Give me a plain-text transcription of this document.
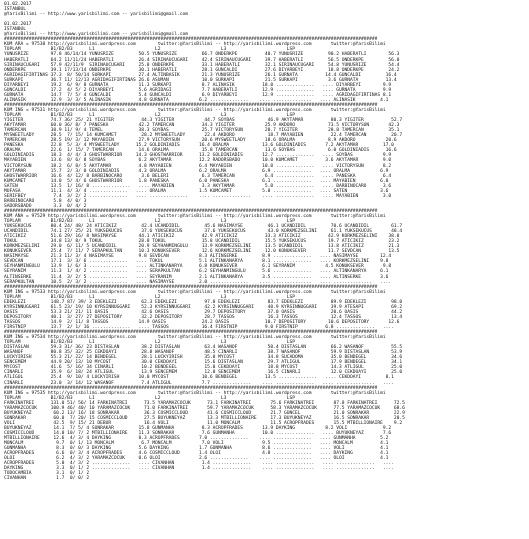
01.02.2017
ISTANBUL
@YarisBilimi -- http://www.yarisbilimi.com -- yarisbilimi@gmail.com
01.02.2017
ISTANBUL
@YarisBilimi -- http://www.yarisbilimi.com -- yarisbilimi@gmail.com
########################################################################################################################################
KUM ARA = 97530 http://yarisbilimi.wordpress.com        twitter:@YarisBilimi -- http://yarisbilimi.wordpress.com       twitter:@YarisBilimi
TOPLAM           B1/B2/B3      L1                      L2                      L3                      LSP
YUNUSRIZE        97.8 46/14/14 YUNUSRIZE         50.5 YUNUSRIZE         66.7 ONDERKPE          40.7 YUNUSRIZE         90.2 HABERATLI        56.3
HABERATLI        64.2 11/11/24 HABERATLI         26.4 SIRINAUCUGARI     42.4 SIRINAUCUGARI     39.7 HABERATLI         56.5 ONDERKPE         56.0
SIRINAUCUGARI    57.9 42/11/9  SIRINAUCUGARI     25.8 ONDERKPE          33.1 HABERATLI         32.1 SIRINAUCUGARI     54.8 YUNUSRIZE        54.4
ONDERKPE         39.1 17/13/14 ONDERKPE          30.1 HABERATLI         28.1 GUNCALDI          27.6 DIYARBEYI         18.8 ONDERKPE         24.2
AGRIDAGIFIRTINAS 37.3  8/ 50/14 SURKAPI          27.4 ALTINBASIK        21.3 YUNUSRIZE         26.1 GURNATA          14.4 GUNCALDI         16.4
SURKAPI          36.7 11/ 12/13 AGRIDAGIFIRTINAS 26.6 ASUMAN            10.0 SURKAPI           21.5 SURKAPI           3.6 GURNATA          13.4
DIYARBEYI        19.2  6/ 9/ 8 GURNATA           11.3 SURKAPI           8.7 ALINASIK          18.0 ..............   .... DIYARBEYI        9.9
GUNCALDI         17.2  4/ 5/ 2 DIYARBEYI         5.6 AGRIDAGI           7.7 HABERATLI         12.9 ..............   .... GURNATA          9.9
GURNATA          14.7  7/ 5/ 4 GUNCALDI          5.4 GUNCALDI           6.9 DIYARBEYI         12.9 ..............   .... AGRIDAGIFIRTINAS 8.1
ALINASIK         12.9  3/ 3/ 5 ALINASIK          4.8 GURNATA           6.2 ..............    .... ..............   .... ALINASIK         4.1
########################################################################################################################################
KUM ING = 97531 http://yarisbilimi.wordpress.com        twitter:@YarisBilimi -- http://yarisbilimi.wordpress.com       twitter:@YarisBilimi
TOPLAM           B1/B2/B3      L1                      L2                      L3                      LSP
YIGITER          74.7 36/ 25/ 21 YIGITER          44.3 YIGITER           44.7 SOYBAS            46.9 AKYTAMAR          80.3 YIGITER          52.7
AKYTAMAR         60.0 36/ 8/ 7 PANESKA           42.2 TAMERCAN          34.3 YIGITER           25.9 AKDORO            73.5 VICTORYSUN       42.3
TAMERCAN         38.9 11/ 9/ 4 TEMEL             38.3 SOYBAS            25.7 VICTORYSUN        20.7 YIGITER           28.8 TAMERCAN         35.1
MYSWEETLADY      28.5  7/ 15/ 14 KUMCAMET         28.2 MYSWEETLADY       22.4 AKDORO            18.7 MAYABIEN          22.4 TAMERCAN         20.7
TAMERCAN         28.5 19/ 3/ 12 MAYABIEN         27.9 VICTORYSUN        20.6 MYSWEETLADY       18.6 ORALMA            8.9 AKDORO           20.6
PANESKA          22.8  5/ 3/ 4 MYSWEETLADY      15.2 GOLDINIADIS       16.4 ORALMA            13.6 GOLDINIADIS       7.2 AKYTAMAR         17.0
ORALMA           22.6  1/ 15/ 7 TAMERCAN         14.6 ORALMA            15.8 TAMERCAN          13.6 SOYBAS            6.0 GOLDINIADIS      16.6
GOLDINIADIS      18.3  4/ 4/ 3 GHOSTWARRIOR     14.3 GHOSTWARRIOR      13.2 GOLDINIADIS       12.7 ..............   .... SOYBAS           9.9
MAYABIEN         13.6  8/ 6/ 8 SOYBAS            6.2 AKYTAMAR          12.2 RADORSBADO        10.0 KUMCAMET          3.6 AKYTAMAR         9.0
VICTORYSUN       18.2  6/ 8/ 5 AKYTAMAR          4.8 MAYABIEN          6.4 MAYABIEN           10.0 ..............   .... VICTORYSUN       8.2
AKYTAMAR         15.7  2/ 3/ 0 GOLDINIADIS       4.3 ORALMA            6.2 ORALMA             6.9 ..............   .... ORALMA           6.9
GHOSTWARRIOR     16.6  4/ 12/ 8 BARBINOCARO       3.6 BELERI            6.3 TAMERCAN           6.4 ..............   .... PANESKA          6.4
KUMCAMET         14.0  5/ 4/ 6 GHOSTWARRIOR      1.8 PANESKA           6.0 PANESKA            6.1 ..............   .... MAYABIEN         6.0
SATEN            13.5  1/ 16/ 8 ..............   .... MAYABIEN          3.3 AKYTAMAR           5.0 ..............   .... BARBINOCARO      3.6
MUFASA           11.1  4/ 3/ 4 ..............   .... ORALMA            1.5 KUMCAMET           5.0 ..............   .... SATEN            3.6
SERIFBEY          7.4  3/ 2/ 2 ..............   .... ..............    .... ..............    .... ..............   .... MAYABIEN         3.0
BARBINOCARO       5.8  4/ 0/ 3
SADORSBADO        3.3  0/ 4/ 2
########################################################################################################################################
KUM ANA = 97529 http://yarisbilimi.wordpress.com        twitter:@YarisBilimi -- http://yarisbilimi.wordpress.com       twitter:@YarisBilimi
TOPLAM           B1/B2/B3      L1                      L2                      L3                      LSP
YUKSEKUCUS       80.4 24/ 48/ 24 ATICIKIZ         42.4 UCANDIDIL         45.6 NASIMAYSE         46.1 UCANDIDIL         70.6 UCANDIDIL        61.7
UCANDIDIL        74.1 27/ 25/ 21 YUKSEKUCUS       37.6 YUKSEKUCUS        37.6 YUKSEKUCUS        43.0 KORKMEZSELINI     61.1 YUKSEKUCUS       48.4
ATICIKIZ         51.6 29/ 16/ 8 NASIMAYSE        44.1 ATICIKIZ          42.9 ATICIKIZ          33.3 ATICIKIZ          42.9 KORKMEZSELINI    38.0
TOKUL            34.8 13/ 8/ 9 TOKUL             28.8 TOKUL             15.8 UCANDIDIL         15.5 YUKSEKUCUS        19.7 ATICIKIZ         23.2
KORKMEZSELINI    29.0  6/ 11/ 5 UCANDIDIL        20.9 SEYHANMINGULU     13.9 KORKMEZSELINI     13.5 UCANDIDIL         13.8 ATICIKIZ         21.3
KONUKSEVER       25.4  7/ 11/ 7 SERAPKULTAN      10.3 KONUKSEVER        12.6 KORKMEZSELINI     12.0 KONUKSEVER        11.7 SEVDCAN          13.5
NASIMAYSE        21.3 11/ 3/ 4 NASIMAYSE         9.8 SEVDCAN           8.3 ALTINSERKE         8.9 ..............   .... NASIMAYSE        12.4
SEVDCAN          17.1  3/ 3/ 6 ..............   .... TOKUL             5.1 ALTINKANARYA       8.1 ..............   .... KORKMEZSELINI    9.8
SEYHANMINGULU    13.9  1/ 6/ 3 ..............   .... ALTINKANARYA      6.8 KONUKSEVER         6.1 SEYRANIM           4.5 KONUKSEVER       9.8
SEYRANIM         11.3  1/ 4/ 2 ..............   .... SERAPKULTAN       6.2 SEYHANMINGULU      5.6 ..............   .... ALTINKANARYA     6.1
ALTINSERKE       11.4  3/ 2/ 5 ..............   .... SEYRANIM          2.1 ALTINKANARYA       3.5 ..............   .... ALTINSERKE       3.6
SERAPKULTAN      10.5  2/ 3/ 2 ..............   .... NASIMAYSE         2.0 ..............    .... ..............   .... ..............   ....
########################################################################################################################################
KUM ING = 97533 http://yarisbilimi.wordpress.com        twitter:@YarisBilimi -- http://yarisbilimi.wordpress.com       twitter:@YarisBilimi
TOPLAM           B1/B2/B3      L1                      L2                      L3                      LSP
EDEKLEZI         148.7 87/ 39/ 3 EDEKLEZI         62.3 EDEKLEZI          97.0 EDEKLEZI          83.7 EDEKLEZI          89.9 EDEKLEZI         98.0
KYRSINNUGGARI    61.5 23/ 19/ 10 KYRSINNUGGARI    52.3 KYRSINNUGGARI     42.2 KYRSINNUGGARI     40.9 KYRSINNUGGARI     39.9 ATESAPI          69.2
OASIS            53.3 21/ 21/ 11 OASIS            42.6 OASIS             29.7 DEPOSITORY        37.0 OASIS             20.6 OASIS            44.2
DEPOSITORY       40.1  3/ 27/ 27 DEPOSITORY       32.2 DEPOSITORY        28.7 TASSOS            16.3 TASSOS            12.4 TASSOS           13.4
TASSOS           14.9  2/ 11/ 8 TASSOS           14.9 OASIS             24.2 OASIS             10.7 DEPOSITORY        10.6 DEPOSITORY       12.6
FIRSTNIP         13.7  2/ 1/ 16 ..............   .... TASSOS            16.4 FIRSTNIP          9.0 FIRSTNIP          6.8 ..............   ....
########################################################################################################################################
KUM ING = 97534 http://yarisbilimi.wordpress.com        twitter:@YarisBilimi -- http://yarisbilimi.wordpress.com       twitter:@YarisBilimi
TOPLAM           B1/B2/B3      L1                      L2                      L3                      LSP
DISTASLAN        59.3 31/ 36/ 23 DISTASLAN        38.2 DISTASLAN         63.4 WASANOF           50.4 DISTASLAN         66.2 WASANOF          55.5
WASANOF          80.8 35/ 32/ 25 CEKDOAYI         28.8 WASANOF           48.5 CINARLI           38.7 WASANOF           59.9 DISTASLAN        53.9
LUCKYIRISH       55.3 21/ 22/ 14 BENDEGEL         28.1 LUCKYIRISH        35.0 MYCOST            34.8 SUCADOMA          35.0 BENDEGEL         34.6
SENCEMEM         44.9 20/ 13/ 10 MYCOST           30.0 CEKDOAYI          15.6 DISTASLAN         29.7 ATLIGUL           17.9 BENDEGEL         34.1
MYCOST           41.6  5/ 16/ 34 CINARLI          10.2 BENDEGEL          15.0 CEKDOAYI          18.8 MYCOST            14.3 ATLIGUL          25.0
CINARLI          35.9  6/ 18/ 24 ATLIGUL          13.9 SENCEMEM          12.0 SENCEMEM          16.5 CINARLI           12.0 CEKDOAYI         25.0
ATLIGUL          25.4  9/ 10/ 4 LUCKYIRISH       10.0 MYCOST            10.6 BENDEGEL          13.5 ..............   .... CEKDOAYI         8.1
CINARLI          23.0  3/ 14/ 12 WASANOF          7.4 ATLIGUL           7.7 ..............    .... ..............   .... ..............   ....
########################################################################################################################################
KUM ING = 97535 http://yarisbilimi.wordpress.com        twitter:@YarisBilimi -- http://yarisbilimi.wordpress.com       twitter:@YarisBilimi
TOPLAM           B1/B2/B3      L1                      L2                      L3                      LSP
FARKINATREI      131.0 51/ 56/ 14 FARKINATREI      73.5 YARAMAZCOCUK      73.1 FARKINATREI       75.6 FARKINATREI       87.8 FARKINATREI      72.5
YARAMAZCOCUK     100.9 46/ 40/ 10 YARAMAZCOCUK     71.0 FARKINATREI       59.7 YARAMAZCOCUK      58.3 YARAMAZCOCUK      77.5 YARAMAZCOCUK     68.6
BUYUKNEYAZ        60.2 13/ 16/ 18 SONRAKAR         36.3 COSMICCLOUD       41.6 COSMICCLOUD       21.7 GUNCEL            21.0 SONRAKAR         22.9
SONRAKAR          60.0  7/ 20/ 15 COSMICCLOUD      27.5 BUYUKNEYAZ        13.3 MTBILLIONAIRE     17.3 BUYUKNEYAZ        16.5 SONRAKAR         20.5
VOLI              42.5  9/ 15/ 21 DEBOR            16.4 VOLI              11.0 MONCALM           11.5 ACROPFRADES       15.5 MTBILLIONAIRE    9.2
BUYUKNEYAZ        14.1  7/ 5/ 4 SONRAKAR         15.8 GUNMANHA          8.3 ACROPFRADES       13.9 DAYKING           8.2 VOLI             9.2
COSMICCLOUD       14.0 10/ 7/ 2 MTBILLIONAIRE    11.3 SONRAKAR          7.6 GUNMANHA          10.0 ..............   .... BUYUKNEYAZ       7.6
MTBILLIONAIRE     12.6  4/ 3/ 4 DAYKING          8.3 ACROPFRADES       7.0 ..............    .... ..............   .... GUNMANHA         5.2
MONCALM            9.7  0/ 1/ 13 MONCALM          6.7 MONCALM           7.0 VOLI              9.5 ..............   .... MONCALM          4.1
GUNMANHA           8.3  0/ 0/ 3 DAYKING          5.6 DAYKING           1.7 GUNMANHA           8.6 ..............   .... VOLI             4.1
ACROPFRADES        6.6  0/ 3/ 4 ACROPFRADES      4.6 COSMICCLOUD       1.4 OLOI               4.8 ..............   .... DAYKING          4.1
OLOI               6.2  4/ 3/ 2 YARAMAZCOCUK     0.6 OLOI              2.6 ..............    .... ..............   .... OLOI             4.1
ACROPFRADES        5.0  4/ 3/ 2 ..............   .... CIVANHAN          1.4 ..............    .... ..............   .... ..............   ....
DAYKING            3.3  0/ 1/ 2 ..............   .... CIVANHAN          1.4 ..............    .... ..............   .... ..............   ....
TODOCAMBIA         3.1  0/ 1/ 2
CIVANHAN           1.7  0/ 0/ 2
